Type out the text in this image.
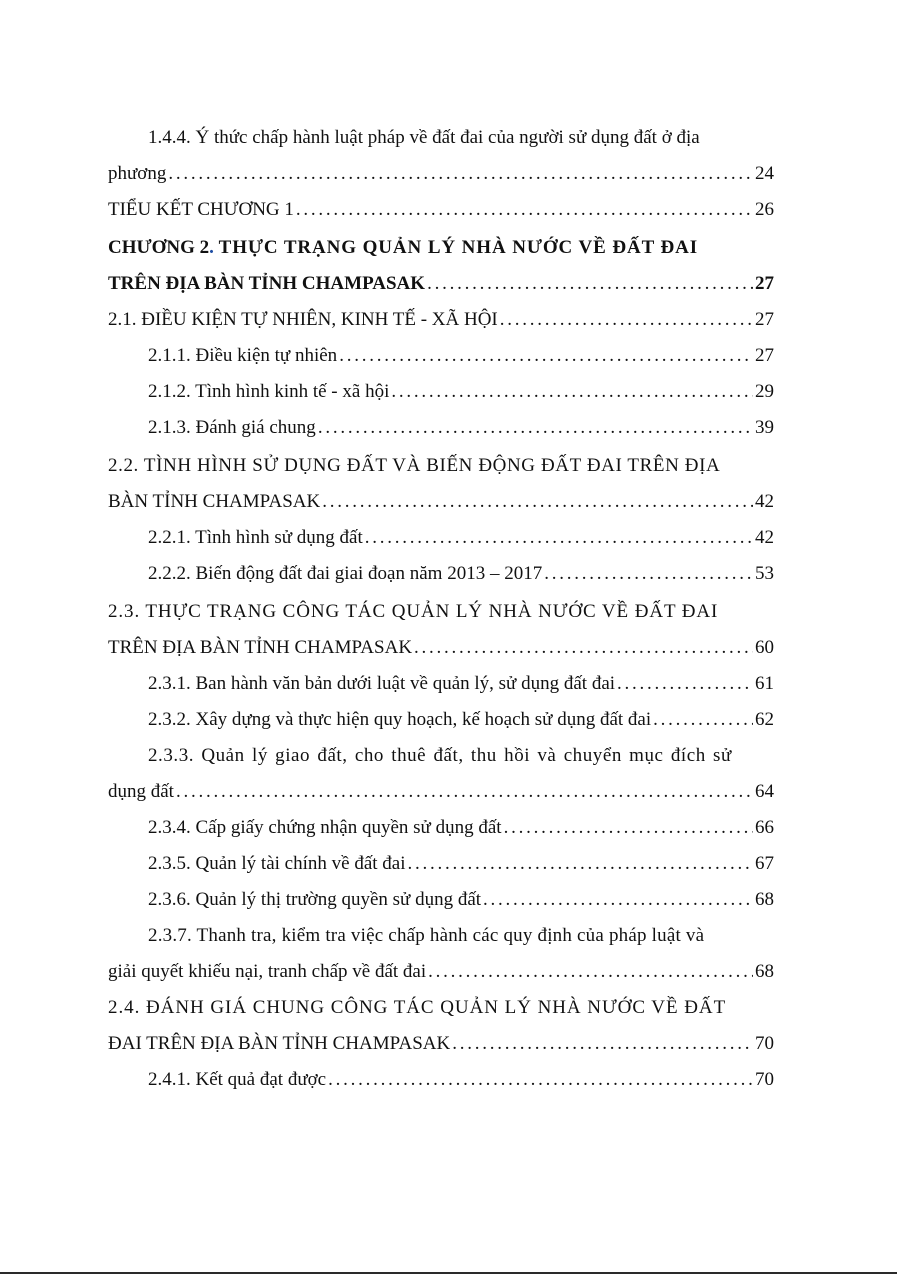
1.4.4. Ý thức chấp hành luật pháp về đất đai của người sử dụng đất ở địa
phương . . .	24
TIỂU KẾT CHƯƠNG 1 . . .	26
CHƯƠNG 2. THỰC TRẠNG QUẢN LÝ NHÀ NƯỚC VỀ ĐẤT ĐAI
TRÊN ĐỊA BÀN TỈNH CHAMPASAK . . .	27
2.1. ĐIỀU KIỆN TỰ NHIÊN, KINH TẾ - XÃ HỘI . . .	27
2.1.1. Điều kiện tự nhiên . . .	27
2.1.2. Tình hình kinh tế - xã hội . . .	29
2.1.3. Đánh giá chung . . .	39
2.2. TÌNH HÌNH SỬ DỤNG ĐẤT VÀ BIẾN ĐỘNG ĐẤT ĐAI TRÊN ĐỊA
BÀN TỈNH CHAMPASAK . . .	42
2.2.1. Tình hình sử dụng đất . . .	42
2.2.2. Biến động đất đai giai đoạn năm 2013 – 2017 . . .	53
2.3. THỰC TRẠNG CÔNG TÁC QUẢN LÝ NHÀ NƯỚC VỀ ĐẤT ĐAI
TRÊN ĐỊA BÀN TỈNH CHAMPASAK . . .	60
2.3.1. Ban hành văn bản dưới luật về quản lý, sử dụng đất đai . . .	61
2.3.2. Xây dựng và thực hiện quy hoạch, kế hoạch sử dụng đất đai . . .	62
2.3.3. Quản lý giao đất, cho thuê đất, thu hồi và chuyển mục đích sử
dụng đất . . .	64
2.3.4. Cấp giấy chứng nhận quyền sử dụng đất . . .	66
2.3.5. Quản lý tài chính về đất đai . . .	67
2.3.6. Quản lý thị trường quyền sử dụng đất . . .	68
2.3.7. Thanh tra, kiểm tra việc chấp hành các quy định của pháp luật và
giải quyết khiếu nại, tranh chấp về đất đai . . .	68
2.4. ĐÁNH GIÁ CHUNG CÔNG TÁC QUẢN LÝ NHÀ NƯỚC VỀ ĐẤT
ĐAI TRÊN ĐỊA BÀN TỈNH CHAMPASAK . . .	70
2.4.1. Kết quả đạt được . . .	70
